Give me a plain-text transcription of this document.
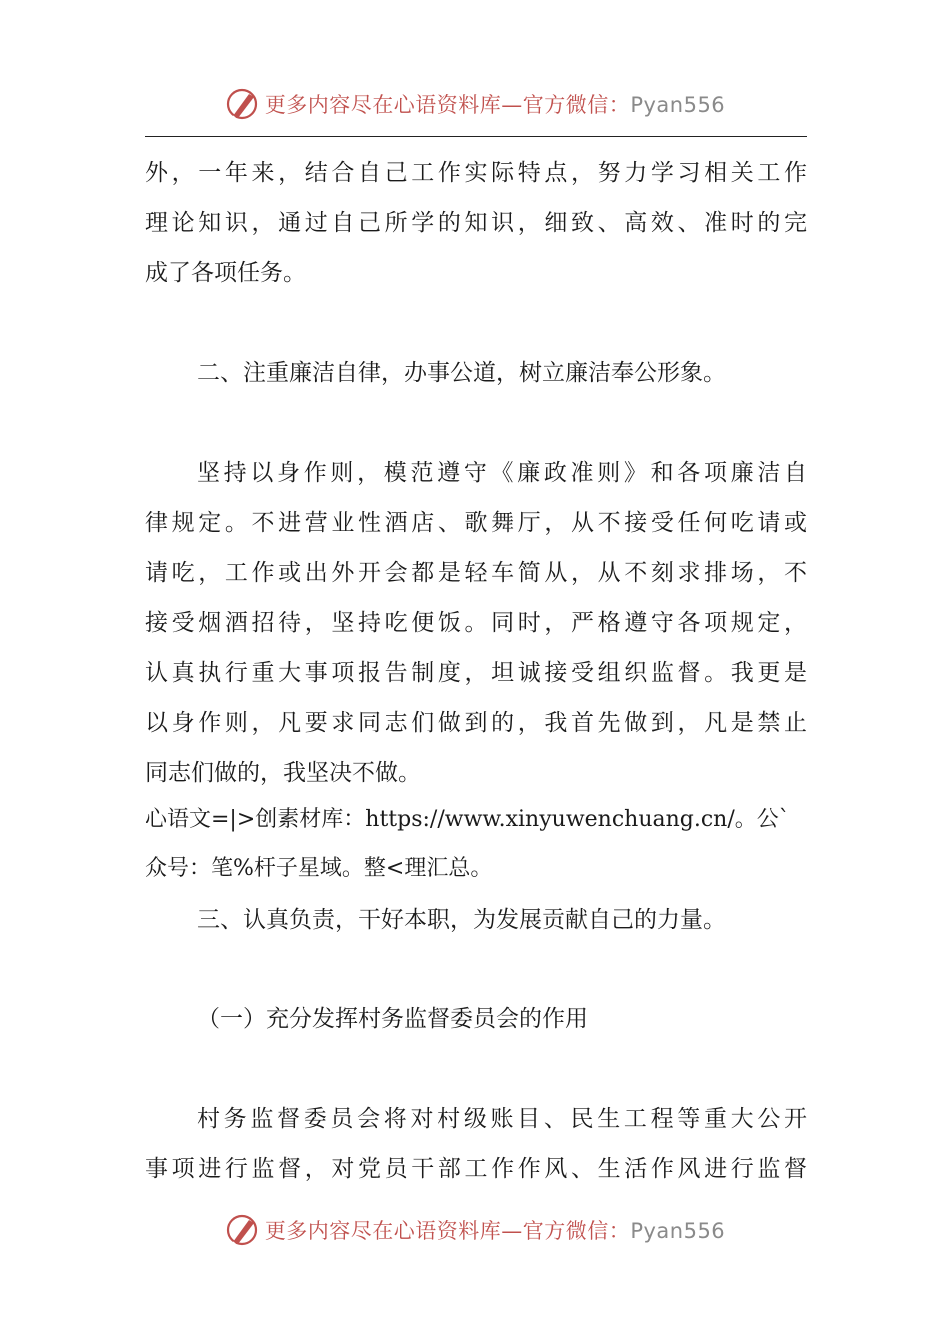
更多内容尽在心语资料库—官方微信：Pyan556
外，一年来，结合自己工作实际特点，努力学习相关工作
理论知识，通过自己所学的知识，细致、高效、准时的完
成了各项任务。
二、注重廉洁自律，办事公道，树立廉洁奉公形象。
坚持以身作则，模范遵守《廉政准则》和各项廉洁自
律规定。不进营业性酒店、歌舞厅，从不接受任何吃请或
请吃，工作或出外开会都是轻车简从，从不刻求排场，不
接受烟酒招待，坚持吃便饭。同时，严格遵守各项规定，
认真执行重大事项报告制度，坦诚接受组织监督。我更是
以身作则，凡要求同志们做到的，我首先做到，凡是禁止
同志们做的，我坚决不做。
心语文=|>创素材库：https://www.xinyuwenchuang.cn/。公`
众号：笔%杆子星域。整<理汇总。
三、认真负责，干好本职，为发展贡献自己的力量。
（一）充分发挥村务监督委员会的作用
村务监督委员会将对村级账目、民生工程等重大公开
事项进行监督，对党员干部工作作风、生活作风进行监督
更多内容尽在心语资料库—官方微信：Pyan556
